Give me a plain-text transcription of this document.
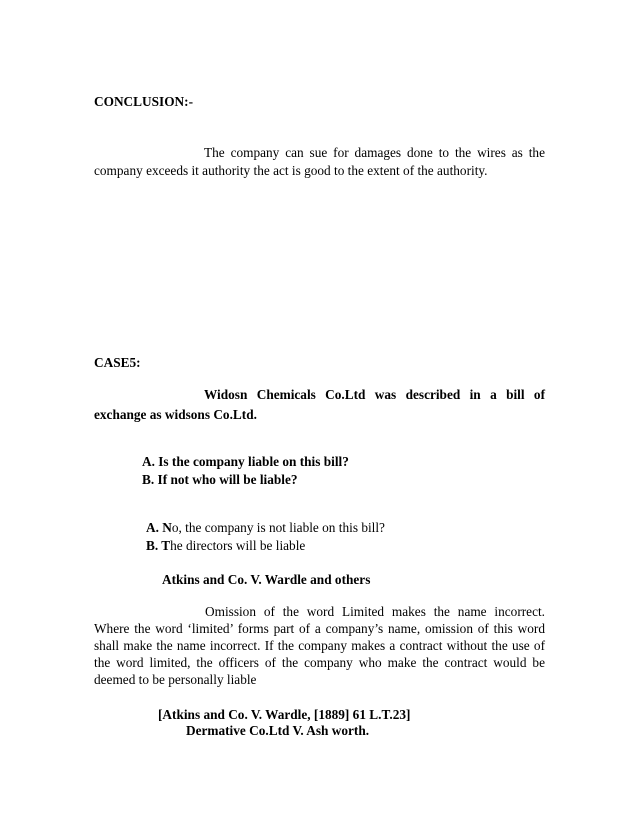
CONCLUSION:-
The company can sue for damages done to the wires as the company exceeds it authority the act is good to the extent of the authority.
CASE5:
Widosn Chemicals Co.Ltd was described in a bill of exchange as widsons Co.Ltd.
A. Is the company liable on this bill?
B. If not who will be liable?
A. No, the company is not liable on this bill?
B. The directors will be liable
Atkins and Co. V. Wardle and others
Omission of the word Limited makes the name incorrect. Where the word ‘limited’ forms part of a company’s name, omission of this word shall make the name incorrect. If the company makes a contract without the use of the word limited, the officers of the company who make the contract would be deemed to be personally liable
[Atkins and Co. V. Wardle, [1889] 61 L.T.23]
Dermative Co.Ltd V. Ash worth.
